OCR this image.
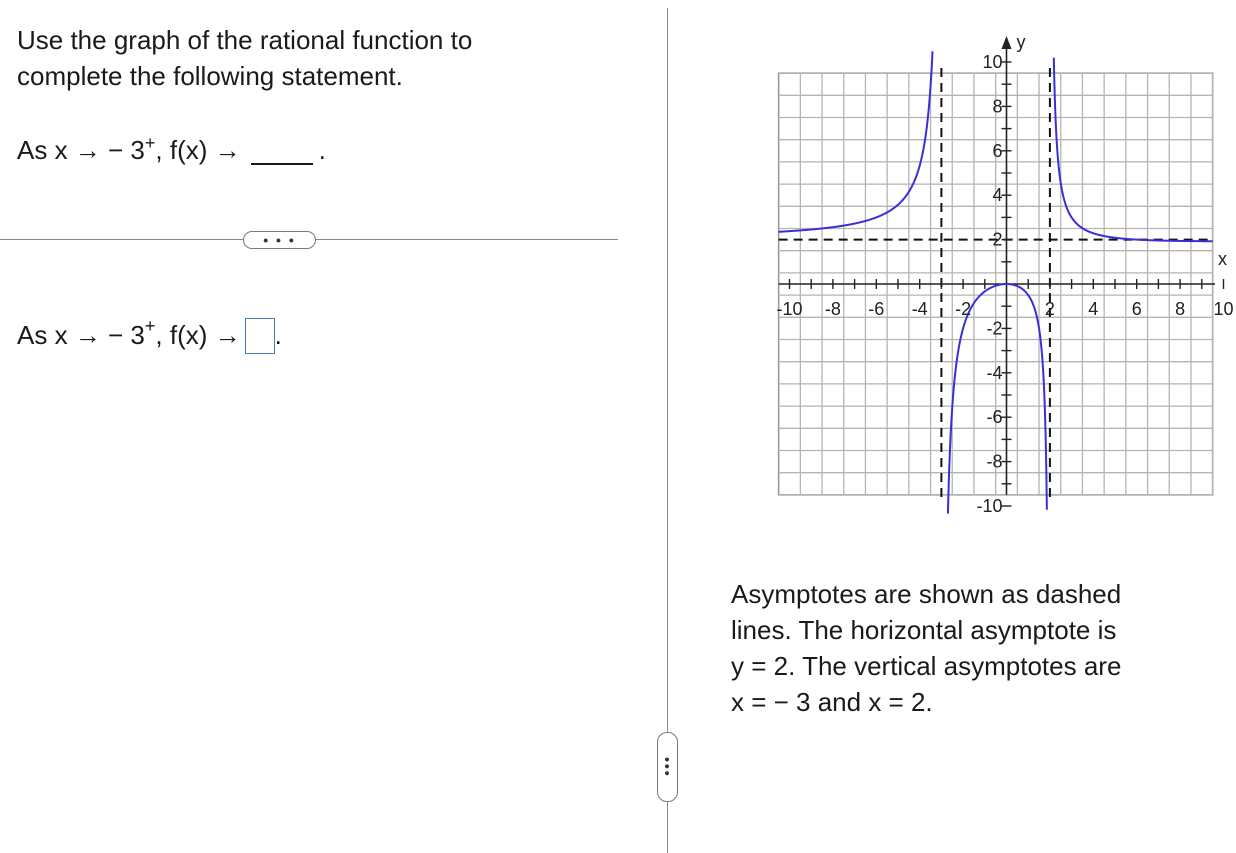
Use the graph of the rational function to
complete the following statement.
As x → − 3+, f(x) →	.
• • •
As x → − 3+, f(x) → .
•••
-10 -8 -6 -4 -2	2 4 6 8 10
10
8
6
4
2
-2
-4
-6
-8
-10
y
x
Asymptotes are shown as dashed
lines. The horizontal asymptote is
y = 2. The vertical asymptotes are
x = − 3 and x = 2.
